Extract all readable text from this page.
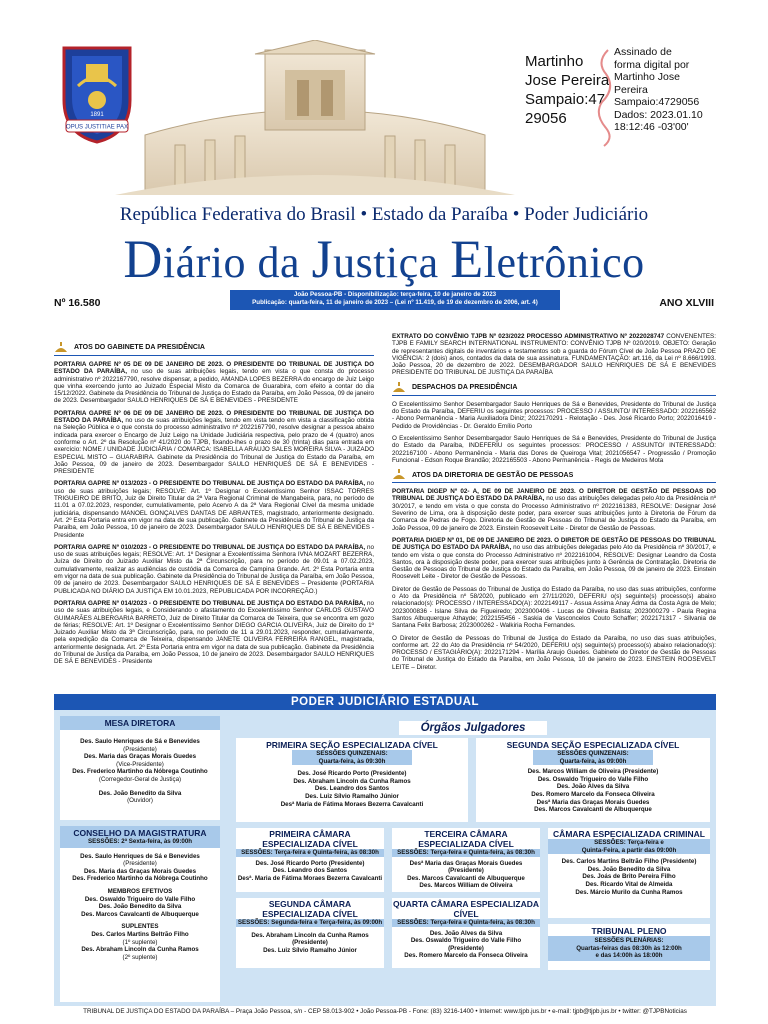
OPUS JUSTITIAE PAX
1891
Martinho
Jose Pereira
Sampaio:47
29056
Assinado de
forma digital por
Martinho Jose
Pereira
Sampaio:4729056
Dados: 2023.01.10
18:12:46 -03'00'
República Federativa do Brasil • Estado da Paraíba • Poder Judiciário
Diário da Justiça Eletrônico
Nº 16.580
João Pessoa-PB - Disponibilização: terça-feira, 10 de janeiro de 2023
Publicação: quarta-feira, 11 de janeiro de 2023 – (Lei nº 11.419, de 19 de dezembro de 2006, art. 4)	ANO XLVIII
ATOS DO GABINETE DA PRESIDÊNCIA

PORTARIA GAPRE Nº 05 DE 09 DE JANEIRO DE 2023. O PRESIDENTE DO TRIBUNAL DE JUSTIÇA DO ESTADO DA PARAÍBA, no uso de suas atribuições legais, tendo em vista o que consta do processo administrativo nº 2022167790, resolve dispensar, a pedido, AMANDA LOPES BEZERRA do encargo de Juiz Leigo que vinha exercendo junto ao Juizado Especial Misto da Comarca de Guarabira, com efeito a contar do dia 15/12/2022. Gabinete da Presidência do Tribunal de Justiça do Estado da Paraíba, em João Pessoa, 09 de janeiro de 2023. Desembargador SAULO HENRIQUES DE SÁ E BENEVIDES - PRESIDENTE

PORTARIA GAPRE Nº 06 DE 09 DE JANEIRO DE 2023. O PRESIDENTE DO TRIBUNAL DE JUSTIÇA DO ESTADO DA PARAÍBA, no uso de suas atribuições legais, tendo em vista tendo em vista a classificação obtida na Seleção Pública e o que consta do processo administrativo nº 2022167790, resolve designar a pessoa abaixo indicada para exercer o Encargo de Juiz Leigo na Unidade Judiciária respectiva, pelo prazo de 4 (quatro) anos conforme o Art. 2º da Resolução nº 41/2020 do TJPB, fixando-lhes o prazo de 30 (trinta) dias para entrada em exercício: NOME / UNIDADE JUDICIÁRIA / COMARCA: ISABELLA ARAUJO SALES MOREIRA SILVA - JUIZADO ESPECIAL MISTO – GUARABIRA. Gabinete da Presidência do Tribunal de Justiça do Estado da Paraíba, em João Pessoa, 09 de janeiro de 2023. Desembargador SAULO HENRIQUES DE SÁ E BENEVIDES - PRESIDENTE

PORTARIA GAPRE Nº 013/2023 - O PRESIDENTE DO TRIBUNAL DE JUSTIÇA DO ESTADO DA PARAÍBA, no uso de suas atribuições legais; RESOLVE: Art. 1º Designar o Excelentíssimo Senhor ISSAC TORRES TRIGUEIRO DE BRITO, Juiz de Direito Titular da 2ª Vara Regional Criminal de Mangabeira, para, no período de 11.01 a 07.02.2023, responder, cumulativamente, pelo Acervo A da 2ª Vara Regional Cível da mesma unidade judiciária, dispensando MANOEL GONÇALVES DANTAS DE ABRANTES, magistrado, anteriormente designado. Art. 2º Esta Portaria entra em vigor na data de sua publicação. Gabinete da Presidência do Tribunal de Justiça da Paraíba, em João Pessoa, 10 de janeiro de 2023. Desembargador SAULO HENRIQUES DE SÁ E BENEVIDES - Presidente

PORTARIA GAPRE Nº 010/2023 - O PRESIDENTE DO TRIBUNAL DE JUSTIÇA DO ESTADO DA PARAÍBA, no uso de suas atribuições legais; RESOLVE: Art. 1º Designar a Excelentíssima Senhora IVNA MOZART BEZERRA, Juíza de Direito do Juizado Auxiliar Misto da 2ª Circunscrição, para no período de 09.01 a 07.02.2023, cumulativamente, realizar as audiências de custódia da Comarca de Campina Grande. Art. 2º Esta Portaria entra em vigor na data de sua publicação. Gabinete da Presidência do Tribunal de Justiça da Paraíba, em João Pessoa, 09 de janeiro de 2023. Desembargador SAULO HENRIQUES DE SÁ E BENEVIDES – Presidente (PORTARIA PUBLICADA NO DIÁRIO DA JUSTIÇA EM 10.01.2023, REPUBLICADA POR INCORREÇÃO.)

PORTARIA GAPRE Nº 014/2023 - O PRESIDENTE DO TRIBUNAL DE JUSTIÇA DO ESTADO DA PARAÍBA, no uso de suas atribuições legais, e Considerando o afastamento do Excelentíssimo Senhor CARLOS GUSTAVO GUIMARÃES ALBERGARIA BARRETO, Juiz de Direito Titular da Comarca de Teixeira, que se encontra em gozo de férias; RESOLVE: Art. 1º Designar o Excelentíssimo Senhor DIEGO GARCIA OLIVEIRA, Juiz de Direito do 1º Juizado Auxiliar Misto da 3ª Circunscrição, para, no período de 11 a 29.01.2023, responder, cumulativamente, pela expedição da Comarca de Teixeira, dispensando JANETE OLIVEIRA FERREIRA RANGEL, magistrada, anteriormente designada. Art. 2º Esta Portaria entra em vigor na data de sua publicação. Gabinete da Presidência do Tribunal de Justiça da Paraíba, em João Pessoa, 10 de janeiro de 2023. Desembargador SAULO HENRIQUES DE SÁ E BENEVIDES - Presidente

EXTRATO DO CONVÊNIO TJPB Nº 023/2022 PROCESSO ADMINISTRATIVO Nº 2022028747 CONVENENTES: TJPB E FAMILY SEARCH INTERNATIONAL INSTRUMENTO: CONVÊNIO TJPB Nº 020/2019. OBJETO: Geração de representantes digitais de inventários e testamentos sob a guarda do Fórum Cível de João Pessoa PRAZO DE VIGÊNCIA: 2 (dois) anos, contados da data de sua assinatura. FUNDAMENTAÇÃO: art.116, da Lei nº 8.666/1993. João Pessoa, 20 de dezembro de 2022. DESEMBARGADOR SAULO HENRIQUES DE SÁ E BENEVIDES PRESIDENTE DO TRIBUNAL DE JUSTIÇA DA PARAÍBA

DESPACHOS DA PRESIDÊNCIA

O Excelentíssimo Senhor Desembargador Saulo Henriques de Sá e Benevides, Presidente do Tribunal de Justiça do Estado da Paraíba, DEFERIU os seguintes processos: PROCESSO / ASSUNTO/ INTERESSADO: 2022165562 - Abono Permanência - Maria Auxiliadora Diniz; 2022170291 - Relotação - Des. José Ricardo Porto; 2022016419 - Pedido de Providências - Dr. Geraldo Emílio Porto

O Excelentíssimo Senhor Desembargador Saulo Henriques de Sá e Benevides, Presidente do Tribunal de Justiça do Estado da Paraíba, INDEFERIU os seguintes processos: PROCESSO / ASSUNTO/ INTERESSADO: 2022167100 - Abono Permanência - Maria das Dores de Queiroga Vital; 2021056547 - Progressão / Promoção Funcional - Edson Roque Brandão; 2022165503 - Abono Permanência - Regis de Medeiros Mota

ATOS DA DIRETORIA DE GESTÃO DE PESSOAS

PORTARIA DIGEP Nº 02- A, DE 09 DE JANEIRO DE 2023. O DIRETOR DE GESTÃO DE PESSOAS DO TRIBUNAL DE JUSTIÇA DO ESTADO DA PARAÍBA, no uso das atribuições delegadas pelo Ato da Presidência nº 30/2017, e tendo em vista o que consta do Processo Administrativo nº 2022161383, RESOLVE: Designar José Severino de Lima, ora à disposição deste poder, para exercer suas atribuições junto à Diretoria de Fórum da Comarca de Pedras de Fogo. Diretoria de Gestão de Pessoas do Tribunal de Justiça do Estado da Paraíba, em João Pessoa, 09 de janeiro de 2023. Einstein Roosevelt Leite - Diretor de Gestão de Pessoas.

PORTARIA DIGEP Nº 01, DE 09 DE JANEIRO DE 2023. O DIRETOR DE GESTÃO DE PESSOAS DO TRIBUNAL DE JUSTIÇA DO ESTADO DA PARAÍBA, no uso das atribuições delegadas pelo Ato da Presidência nº 30/2017, e tendo em vista o que consta do Processo Administrativo nº 2022161004, RESOLVE: Designar Leandro da Costa Santos, ora à disposição deste poder, para exercer suas atribuições junto à Gerência de Contratação. Diretoria de Gestão de Pessoas do Tribunal de Justiça do Estado da Paraíba, em João Pessoa, 09 de janeiro de 2023. Einstein Roosevelt Leite - Diretor de Gestão de Pessoas.

Diretor de Gestão de Pessoas do Tribunal de Justiça do Estado da Paraíba, no uso das suas atribuições, conforme o Ato da Presidência nº 58/2020, publicado em 27/11/2020, DEFERIU o(s) seguinte(s) processo(s) abaixo relacionado(s): PROCESSO / INTERESSADO(A): 2022149117 - Assua Assima Anay Adma da Costa Agra de Melo; 2023000836 - Islane Silva de Figueiredo; 2023000406 - Lucas de Oliveira Batista; 2023000279 - Paula Regina Santos Albuquerque Athayde; 2022155456 - Saskia de Vasconcelos Couto Schaffer; 2022171317 - Silvania de Santana Felix Barbosa; 2023000262 - Walkiria Rocha Fernandes.

O Diretor de Gestão de Pessoas do Tribunal de Justiça do Estado da Paraíba, no uso das suas atribuições, conforme art. 22 do Ato da Presidência nº 54/2020, DEFERIU o(s) seguinte(s) processo(s) abaixo relacionado(s): PROCESSO / ESTAGIÁRIO(A): 2022171294 - Marília Araujo Guedes. Gabinete do Diretor de Gestão de Pessoas do Tribunal de Justiça do Estado da Paraíba, em João Pessoa, 10 de janeiro de 2023. EINSTEIN ROOSEVELT LEITE – Diretor.

PODER JUDICIÁRIO ESTADUAL
MESA DIRETORA
Des. Saulo Henriques de Sá e Benevides
(Presidente)
Des. Maria das Graças Morais Guedes
(Vice-Presidente)
Des. Frederico Martinho da Nóbrega Coutinho
(Corregedor-Geral de Justiça)
Des. João Benedito da Silva
(Ouvidor)
CONSELHO DA MAGISTRATURA
SESSÕES: 2ª Sexta-feira, às 09:00h
Des. Saulo Henriques de Sá e Benevides
(Presidente)
Des. Maria das Graças Morais Guedes
Des. Frederico Martinho da Nóbrega Coutinho
MEMBROS EFETIVOS
Des. Oswaldo Trigueiro do Valle Filho
Des. João Benedito da Silva
Des. Marcos Cavalcanti de Albuquerque
SUPLENTES
Des. Carlos Martins Beltrão Filho
(1º suplente)
Des. Abraham Lincoln da Cunha Ramos
(2º suplente)
Órgãos Julgadores
PRIMEIRA SEÇÃO ESPECIALIZADA CÍVEL
SESSÕES QUINZENAIS:
Quarta-feira, às 09:30h
Des. José Ricardo Porto (Presidente)
Des. Abraham Lincoln da Cunha Ramos
Des. Leandro dos Santos
Des. Luiz Sílvio Ramalho Júnior
Desª Maria de Fátima Moraes Bezerra Cavalcanti
SEGUNDA SEÇÃO ESPECIALIZADA CÍVEL
SESSÕES QUINZENAIS:
Quarta-feira, às 09:00h
Des. Marcos William de Oliveira (Presidente)
Des. Oswaldo Trigueiro do Valle Filho
Des. João Alves da Silva
Des. Romero Marcelo da Fonseca Oliveira
Desª Maria das Graças Morais Guedes
Des. Marcos Cavalcanti de Albuquerque
PRIMEIRA CÂMARA ESPECIALIZADA CÍVEL
SESSÕES: Terça-feira e Quinta-feira, às 08:30h
Des. José Ricardo Porto (Presidente)
Des. Leandro dos Santos
Desª. Maria de Fátima Moraes Bezerra Cavalcanti
SEGUNDA CÂMARA ESPECIALIZADA CÍVEL
SESSÕES: Segunda-feira e Terça-feira, às 09:00h
Des. Abraham Lincoln da Cunha Ramos
(Presidente)
Des. Luiz Sílvio Ramalho Júnior
TERCEIRA CÂMARA ESPECIALIZADA CÍVEL
SESSÕES: Terça-feira e Quinta-feira, às 08:30h
Desª Maria das Graças Morais Guedes (Presidente)
Des. Marcos Cavalcanti de Albuquerque
Des. Marcos William de Oliveira
QUARTA CÂMARA ESPECIALIZADA CÍVEL
SESSÕES: Terça-feira e Quinta-feira, às 08:30h
Des. João Alves da Silva
Des. Oswaldo Trigueiro do Valle Filho
(Presidente)
Des. Romero Marcelo da Fonseca Oliveira
CÂMARA ESPECIALIZADA CRIMINAL
SESSÕES: Terça-feira e
Quinta-Feira, a partir das 09:00h
Des. Carlos Martins Beltrão Filho (Presidente)
Des. João Benedito da Silva
Des. Joás de Brito Pereira Filho
Des. Ricardo Vital de Almeida
Des. Márcio Murilo da Cunha Ramos
TRIBUNAL PLENO
SESSÕES PLENÁRIAS:
Quartas-feiras das 08:30h às 12:00h
e das 14:00h às 18:00h
TRIBUNAL DE JUSTIÇA DO ESTADO DA PARAÍBA – Praça João Pessoa, s/n - CEP 58.013-902 • João Pessoa-PB - Fone: (83) 3216-1400 • Internet: www.tjpb.jus.br • e-mail: tjpb@tjpb.jus.br • twitter: @TJPBNoticias
